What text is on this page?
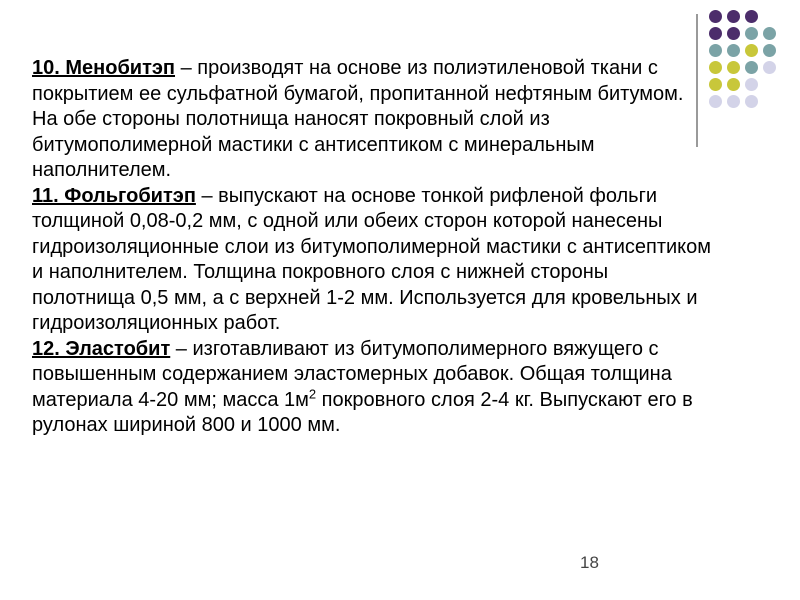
10. Менобитэп – производят на основе из полиэтиленовой ткани с покрытием ее сульфатной бумагой, пропитанной нефтяным битумом. На обе стороны полотнища наносят покровный слой из битумополимерной мастики с антисептиком с минеральным наполнителем.

11. Фольгобитэп – выпускают на основе тонкой рифленой фольги толщиной 0,08-0,2 мм, с одной или обеих сторон которой нанесены гидроизоляционные слои из битумополимерной мастики с антисептиком и наполнителем. Толщина покровного слоя с нижней стороны полотнища 0,5 мм, а с верхней 1-2 мм. Используется для кровельных и гидроизоляционных работ.

12. Эластобит – изготавливают из битумополимерного вяжущего с повышенным содержанием эластомерных добавок. Общая толщина материала 4-20 мм; масса $1м^2$ покровного слоя 2-4 кг. Выпускают его в рулонах шириной 800 и 1000 мм.

18
